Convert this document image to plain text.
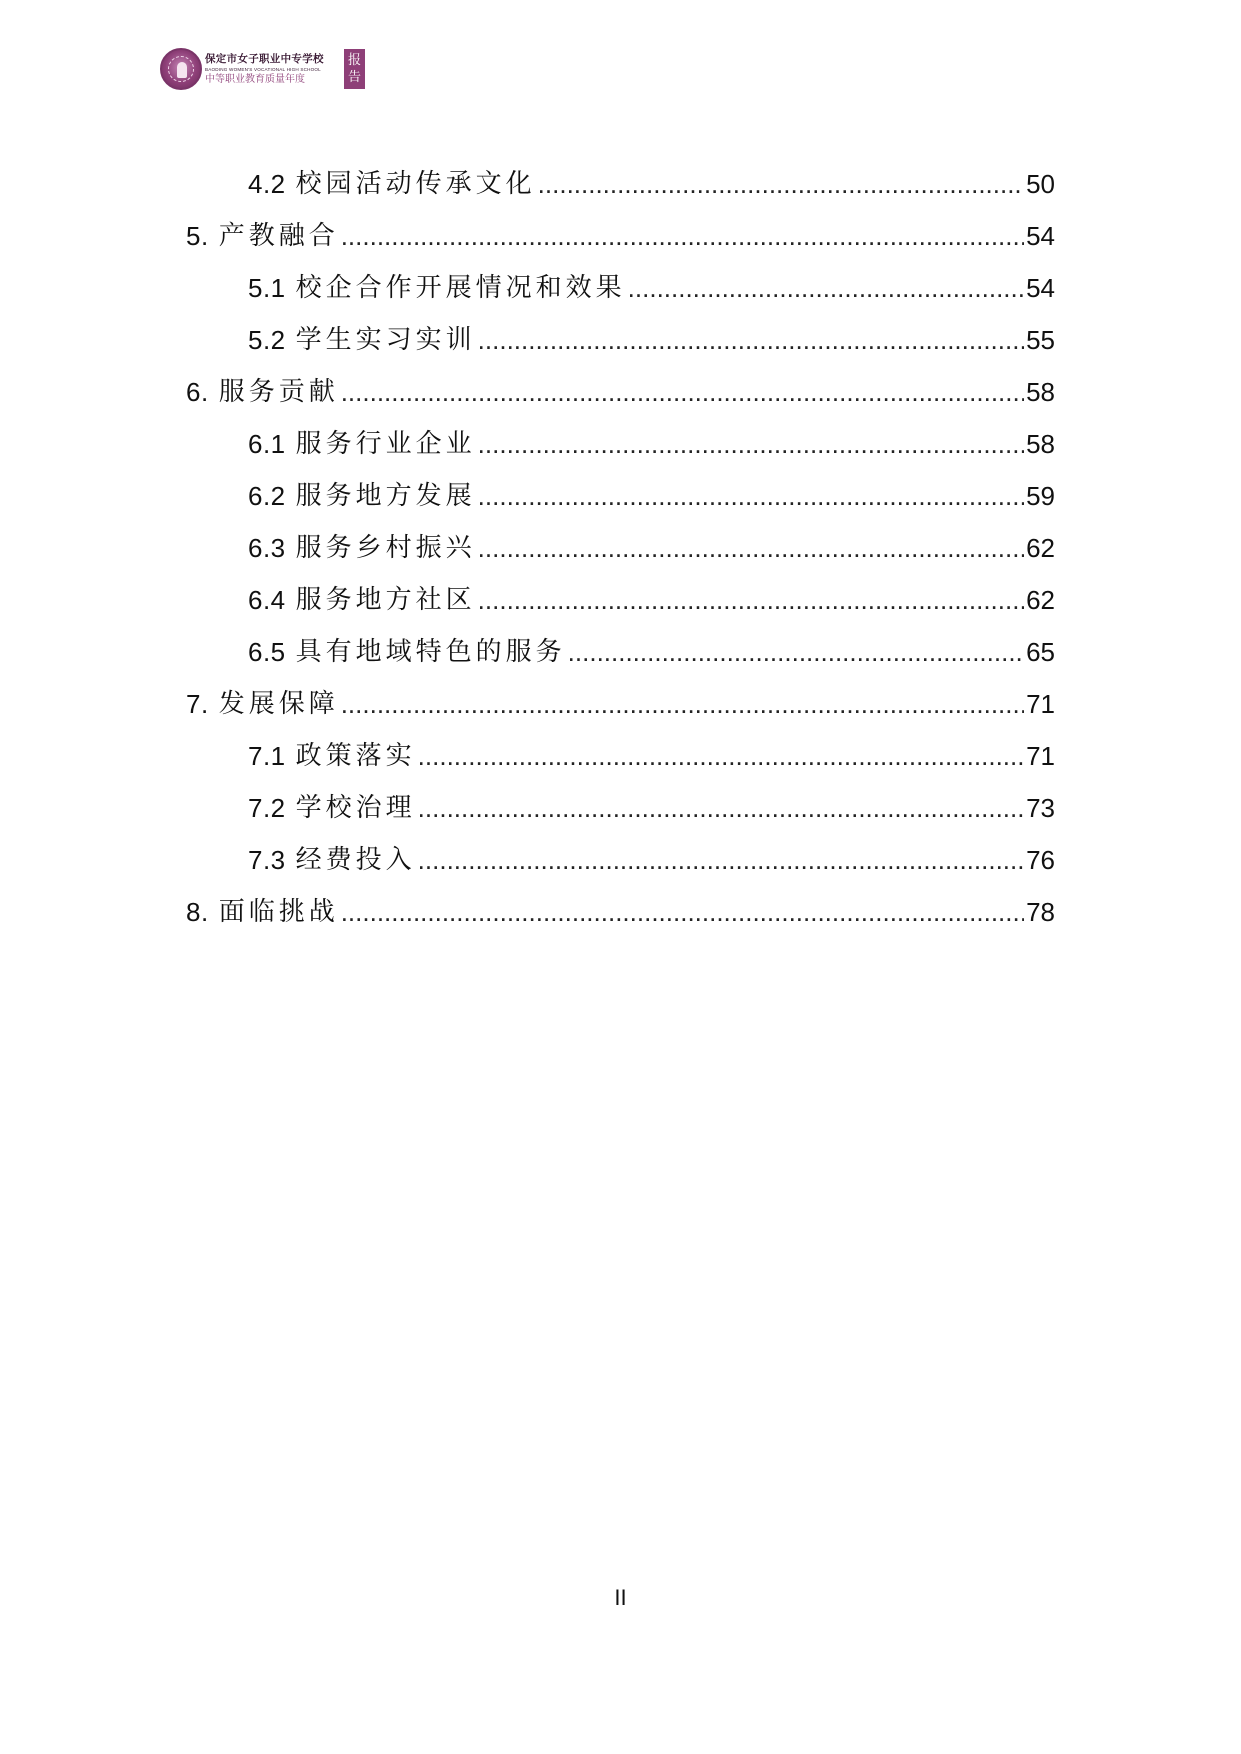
保定市女子职业中专学校
BAODING WOMEN'S VOCATIONAL HIGH SCHOOL
中等职业教育质量年度
报
告
4.2 校园活动传承文化 .....	50
5. 产教融合 .....	54
5.1 校企合作开展情况和效果 .....	54
5.2 学生实习实训 .....	55
6. 服务贡献 .....	58
6.1 服务行业企业 .....	58
6.2 服务地方发展 .....	59
6.3 服务乡村振兴 .....	62
6.4 服务地方社区 .....	62
6.5 具有地域特色的服务 .....	65
7. 发展保障 .....	71
7.1 政策落实 .....	71
7.2 学校治理 .....	73
7.3 经费投入 .....	76
8. 面临挑战 .....	78
II
